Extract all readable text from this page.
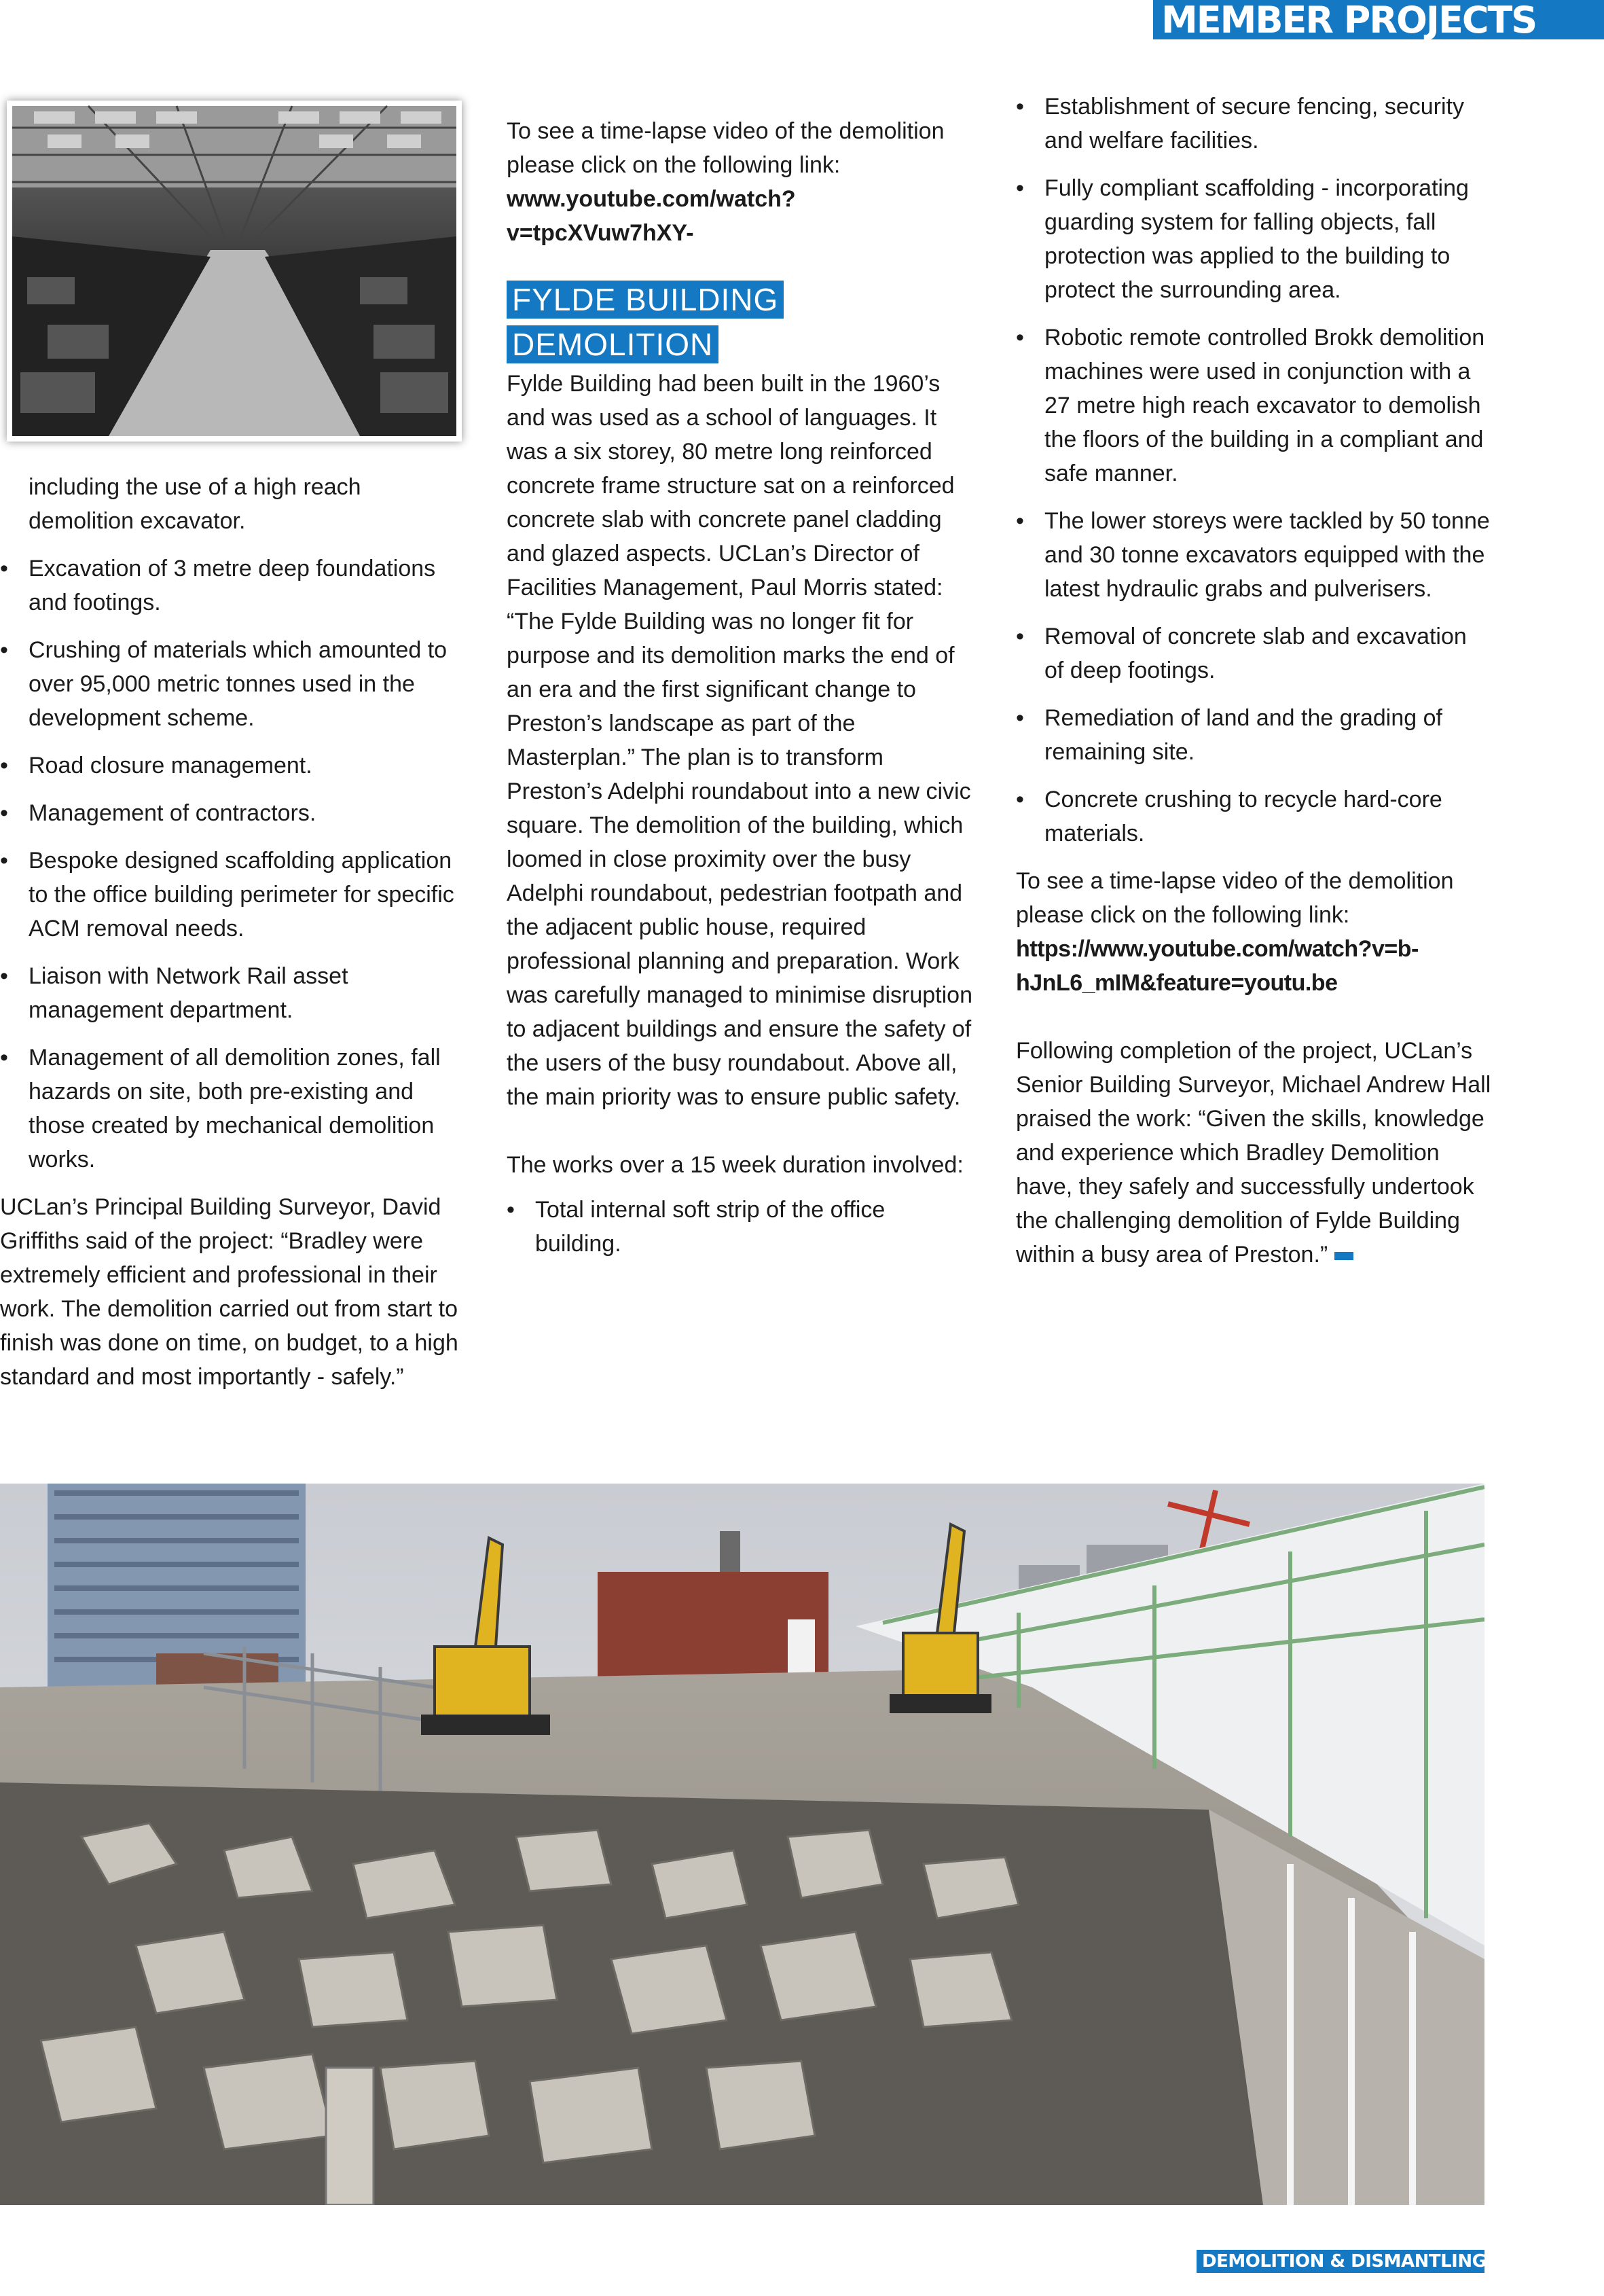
MEMBER PROJECTS
including the use of a high reach demolition excavator.
• Excavation of 3 metre deep foundations and footings.
• Crushing of materials which amounted to over 95,000 metric tonnes used in the development scheme.
• Road closure management.
• Management of contractors.
• Bespoke designed scaffolding application to the office building perimeter for specific ACM removal needs.
• Liaison with Network Rail asset management department.
• Management of all demolition zones, fall hazards on site, both pre-existing and those created by mechanical demolition works.

UCLan’s Principal Building Surveyor, David Griffiths said of the project: “Bradley were extremely efficient and professional in their work. The demolition carried out from start to finish was done on time, on budget, to a high standard and most importantly - safely.”

To see a time-lapse video of the demolition please click on the following link: www.youtube.com/watch?v=tpcXVuw7hXY-

FYLDE BUILDING DEMOLITION

Fylde Building had been built in the 1960’s and was used as a school of languages. It was a six storey, 80 metre long reinforced concrete frame structure sat on a reinforced concrete slab with concrete panel cladding and glazed aspects. UCLan’s Director of Facilities Management, Paul Morris stated: “The Fylde Building was no longer fit for purpose and its demolition marks the end of an era and the first significant change to Preston’s landscape as part of the Masterplan.” The plan is to transform Preston’s Adelphi roundabout into a new civic square. The demolition of the building, which loomed in close proximity over the busy Adelphi roundabout, pedestrian footpath and the adjacent public house, required professional planning and preparation. Work was carefully managed to minimise disruption to adjacent buildings and ensure the safety of the users of the busy roundabout. Above all, the main priority was to ensure public safety.

The works over a 15 week duration involved:

• Total internal soft strip of the office building.
• Establishment of secure fencing, security and welfare facilities.
• Fully compliant scaffolding - incorporating guarding system for falling objects, fall protection was applied to the building to protect the surrounding area.
• Robotic remote controlled Brokk demolition machines were used in conjunction with a 27 metre high reach excavator to demolish the floors of the building in a compliant and safe manner.
• The lower storeys were tackled by 50 tonne and 30 tonne excavators equipped with the latest hydraulic grabs and pulverisers.
• Removal of concrete slab and excavation of deep footings.
• Remediation of land and the grading of remaining site.
• Concrete crushing to recycle hard-core materials.

To see a time-lapse video of the demolition please click on the following link: https://www.youtube.com/watch?v=b-hJnL6_mIM&feature=youtu.be

Following completion of the project, UCLan’s Senior Building Surveyor, Michael Andrew Hall praised the work: “Given the skills, knowledge and experience which Bradley Demolition have, they safely and successfully undertook the challenging demolition of Fylde Building within a busy area of Preston.”

DEMOLITION & DISMANTLING
27
